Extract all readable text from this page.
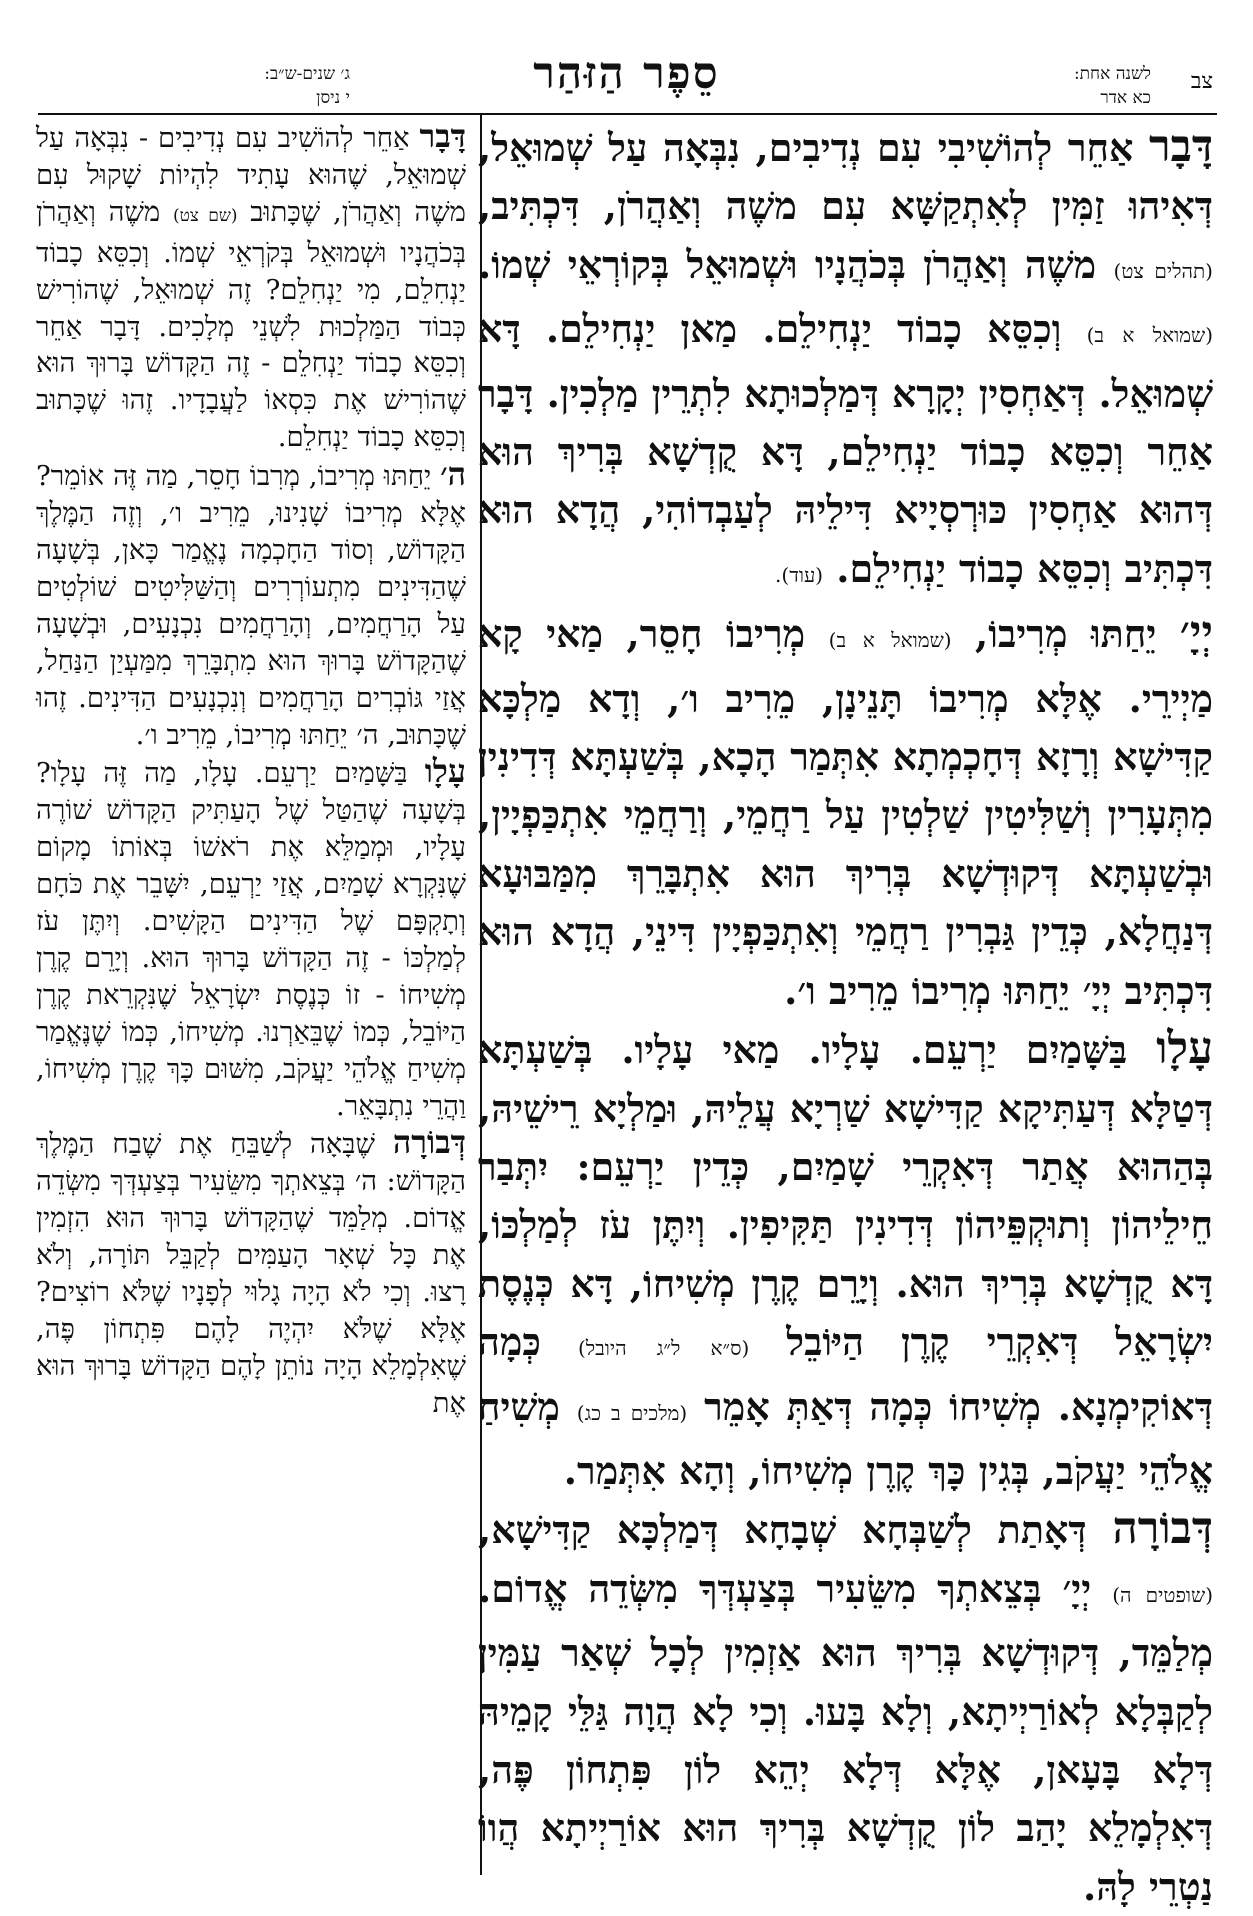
צב
לשנה אחת:
כא אדר
סֵפֶר הַזּהַר
ג׳ שנים-ש״ב:
י ניסן

דָּבָר אַחֵר לְהוֹשִׁיבִי עִם נְדִיבִים, נִבְּאָה עַל שְׁמוּאֵל, דְּאִיהוּ זַמִּין לְאִתְקַשָּׁא עִם משֶׁה וְאַהֲרֹן, דִּכְתִּיב, (תהלים צט) משֶׁה וְאַהֲרֹן בְּכֹהֲנָיו וּשְׁמוּאֵל בְּקוֹרְאֵי שְׁמוֹ. (שמואל א ב) וְכִסֵּא כָבוֹד יַנְחִילֵם. מַאן יַנְחִילֵם. דָּא שְׁמוּאֵל. דְּאַחְסִין יְקָרָא דְּמַלְכוּתָא לִתְרֵין מַלְכִין. דָּבָר אַחֵר וְכִסֵּא כָבוֹד יַנְחִילֵם, דָּא קֻדְשָׁא בְּרִיךְ הוּא דְּהוּא אַחְסִין כּוּרְסְיָיא דִּילֵיהּ לְעַבְדוֹהִי, הֲדָא הוּא דִּכְתִּיב וְכִסֵּא כָבוֹד יַנְחִילֵם. (עוד).

יְיָ׳ יֵחַתּוּ מְרִיבוֹ, (שמואל א ב) מְרִיבוֹ חָסֵר, מַאי קָא מַיְירֵי. אֶלָּא מְרִיבוֹ תָּנֵינָן, מֵרִיב ו׳, וְדָא מַלְכָּא קַדִּישָׁא וְרָזָא דְּחָכְמְתָא אִתְּמַר הָכָא, בְּשַׁעְתָּא דְּדִינִין מִתְּעָרִין וְשַׁלִּיטִין שַׁלְטִין עַל רַחֲמֵי, וְרַחֲמֵי אִתְכַּפְיָין, וּבְשַׁעְתָּא דְּקוּדְשָׁא בְּרִיךְ הוּא אִתְבָּרֵךְ מִמַּבּוּעָא דְּנַחֲלָא, כְּדֵין גַּבְרִין רַחֲמֵי וְאִתְכַּפְיָין דִּינֵי, הֲדָא הוּא דִּכְתִּיב יְיָ׳ יֵחַתּוּ מְרִיבוֹ מֵרִיב ו׳.

עָלָו בַּשָּׁמַיִם יַרְעֵם. עָלָיו. מַאי עָלָיו. בְּשַׁעְתָּא דְּטַלָּא דְּעַתִּיקָא קַדִּישָׁא שַׁרְיָא עֲלֵיהּ, וּמַלְיָא רֵישֵׁיהּ, בְּהַהוּא אֲתַר דְּאִקְרֵי שָׁמַיִם, כְּדֵין יַרְעֵם: יִתְּבַר חֵילֵיהוֹן וְתוּקְפֵּיהוֹן דְּדִינִין תַּקִּיפִין. וְיִתֶּן עֹז לְמַלְכּוֹ, דָּא קֻדְשָׁא בְּרִיךְ הוּא. וְיָרֵם קֶרֶן מְשִׁיחוֹ, דָּא כְּנֶסֶת יִשְׂרָאֵל דְּאִקְרֵי קֶרֶן הַיּוֹבֵל (ס״א ל״ג היובל) כְּמָה דְּאוֹקִימְנָא. מְשִׁיחוֹ כְּמָה דְּאַתְּ אָמֵר (מלכים ב כג) מְשִׁיחַ אֱלֹהֵי יַעֲקֹב, בְּגִין כָּךְ קֶרֶן מְשִׁיחוֹ, וְהָא אִתְּמַר.

דְּבוֹרָה דְּאָתַת לְשַׁבְּחָא שְׁבָחָא דְּמַלְכָּא קַדִּישָׁא, (שופטים ה) יְיָ׳ בְּצֵאתְךָ מִשֵּׂעִיר בְּצַעְדְּךָ מִשְּׂדֵה אֱדוֹם. מְלַמֵּד, דְּקוּדְשָׁא בְּרִיךְ הוּא אַזְמִין לְכָל שְׁאַר עַמִּין לְקַבְּלָא לְאוֹרַיְיתָא, וְלָא בָּעוּ. וְכִי לָא הֲוָה גַּלֵּי קָמֵיהּ דְּלָא בָּעָאן, אֶלָּא דְּלָא יְהֵא לוֹן פִּתְחוֹן פֶּה, דְּאִלְמָלֵא יָהַב לוֹן קֻדְשָׁא בְּרִיךְ הוּא אוֹרַיְיתָא הֲווֹ נַטְרֵי לָהּ.

דָּבָר אַחֵר לְהוֹשִׁיב עִם נְדִיבִים - נִבְּאָה עַל שְׁמוּאֵל, שֶׁהוּא עָתִיד לִהְיוֹת שָׁקוּל עִם משֶׁה וְאַהֲרֹן, שֶׁכָּתוּב (שם צט) משֶׁה וְאַהֲרֹן בְּכֹהֲנָיו וּשְׁמוּאֵל בְּקֹרְאֵי שְׁמוֹ. וְכִסֵּא כָבוֹד יַנְחִלֵם, מִי יַנְחִלֵם? זֶה שְׁמוּאֵל, שֶׁהוֹרִישׁ כְּבוֹד הַמַּלְכוּת לִשְׁנֵי מְלָכִים. דָּבָר אַחֵר וְכִסֵּא כָבוֹד יַנְחִלֵם - זֶה הַקָּדוֹשׁ בָּרוּךְ הוּא שֶׁהוֹרִישׁ אֶת כִּסְאוֹ לַעֲבָדָיו. זֶהוּ שֶׁכָּתוּב וְכִסֵּא כָבוֹד יַנְחִלֵם.

ה׳ יֵחַתּוּ מְרִיבוֹ, מְרִבוֹ חָסֵר, מַה זֶּה אוֹמֵר? אֶלָּא מְרִיבוֹ שָׁנִינוּ, מֵרִיב ו׳, וְזֶה הַמֶּלֶךְ הַקָּדוֹשׁ, וְסוֹד הַחָכְמָה נֶאֱמַר כָּאן, בְּשָׁעָה שֶׁהַדִּינִים מִתְעוֹרְרִים וְהַשַּׁלִּיטִים שׁוֹלְטִים עַל הָרַחֲמִים, וְהָרַחֲמִים נִכְנָעִים, וּבְשָׁעָה שֶׁהַקָּדוֹשׁ בָּרוּךְ הוּא מִתְבָּרֵךְ מִמַּעְיַן הַנַּחַל, אֲזַי גּוֹבְרִים הָרַחֲמִים וְנִכְנָעִים הַדִּינִים. זֶהוּ שֶׁכָּתוּב, ה׳ יֵחַתּוּ מְרִיבוֹ, מֵרִיב ו׳.

עָלָו בַּשָּׁמַיִם יַרְעֵם. עָלָו, מַה זֶּה עָלָו? בְּשָׁעָה שֶׁהַטַּל שֶׁל הָעַתִּיק הַקָּדוֹשׁ שׁוֹרֶה עָלָיו, וּמְמַלֵּא אֶת רֹאשׁוֹ בְּאוֹתוֹ מָקוֹם שֶׁנִּקְרָא שָׁמַיִם, אֲזַי יַרְעֵם, יִשָּׁבֵר אֶת כֹּחָם וְתָקְפָּם שֶׁל הַדִּינִים הַקָּשִׁים. וְיִתֶּן עֹז לְמַלְכּוֹ - זֶה הַקָּדוֹשׁ בָּרוּךְ הוּא. וְיָרֵם קֶרֶן מְשִׁיחוֹ - זוֹ כְּנֶסֶת יִשְׂרָאֵל שֶׁנִּקְרֵאת קֶרֶן הַיּוֹבֵל, כְּמוֹ שֶׁבֵּאַרְנוּ. מְשִׁיחוֹ, כְּמוֹ שֶׁנֶּאֱמַר מְשִׁיחַ אֱלֹהֵי יַעֲקֹב, מִשּׁוּם כָּךְ קֶרֶן מְשִׁיחוֹ, וַהֲרֵי נִתְבָּאֵר.

דְּבוֹרָה שֶׁבָּאָה לְשַׁבֵּחַ אֶת שֶׁבַח הַמֶּלֶךְ הַקָּדוֹשׁ: ה׳ בְּצֵאתְךָ מִשֵּׂעִיר בְּצַעְדְּךָ מִשְּׂדֵה אֱדוֹם. מְלַמֵּד שֶׁהַקָּדוֹשׁ בָּרוּךְ הוּא הִזְמִין אֶת כָּל שְׁאָר הָעַמִּים לְקַבֵּל תּוֹרָה, וְלֹא רָצוּ. וְכִי לֹא הָיָה גָלוּי לְפָנָיו שֶׁלֹּא רוֹצִים? אֶלָּא שֶׁלֹּא יִהְיֶה לָהֶם פִּתְחוֹן פֶּה, שֶׁאִלְמָלֵא הָיָה נוֹתֵן לָהֶם הַקָּדוֹשׁ בָּרוּךְ הוּא אֶת
